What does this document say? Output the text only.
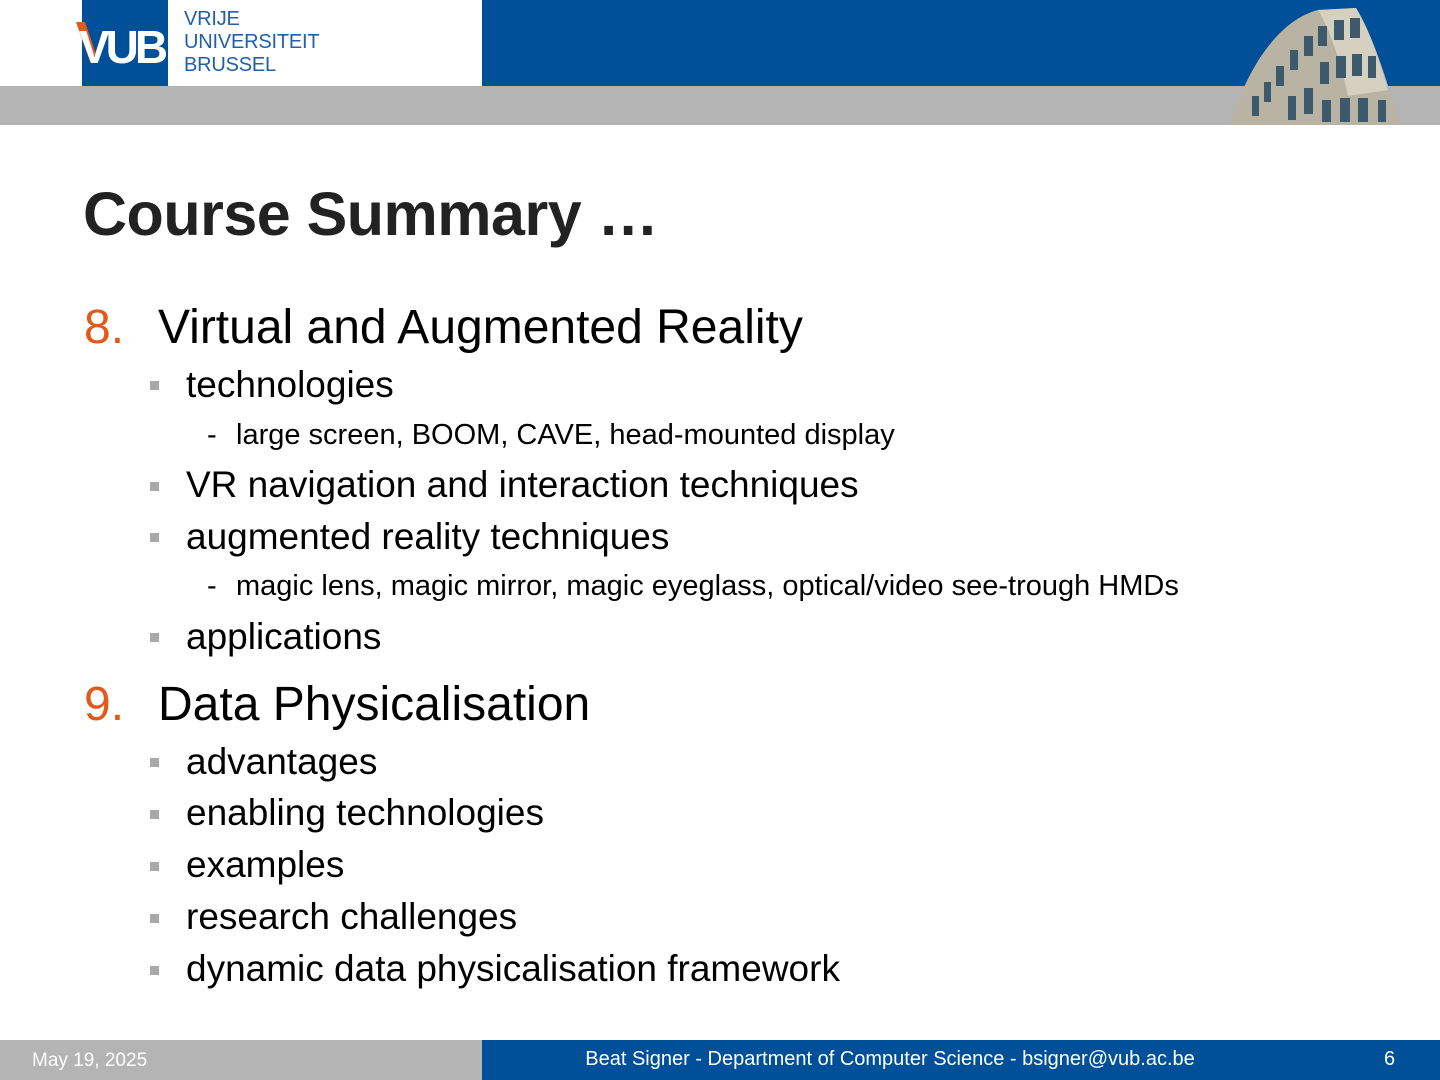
VUB
VRIJE
UNIVERSITEIT
BRUSSEL
Course Summary …
8. Virtual and Augmented Reality
technologies
- large screen, BOOM, CAVE, head-mounted display
VR navigation and interaction techniques
augmented reality techniques
- magic lens, magic mirror, magic eyeglass, optical/video see-trough HMDs
applications
9. Data Physicalisation
advantages
enabling technologies
examples
research challenges
dynamic data physicalisation framework
May 19, 2025	Beat Signer - Department of Computer Science - bsigner@vub.ac.be	6
